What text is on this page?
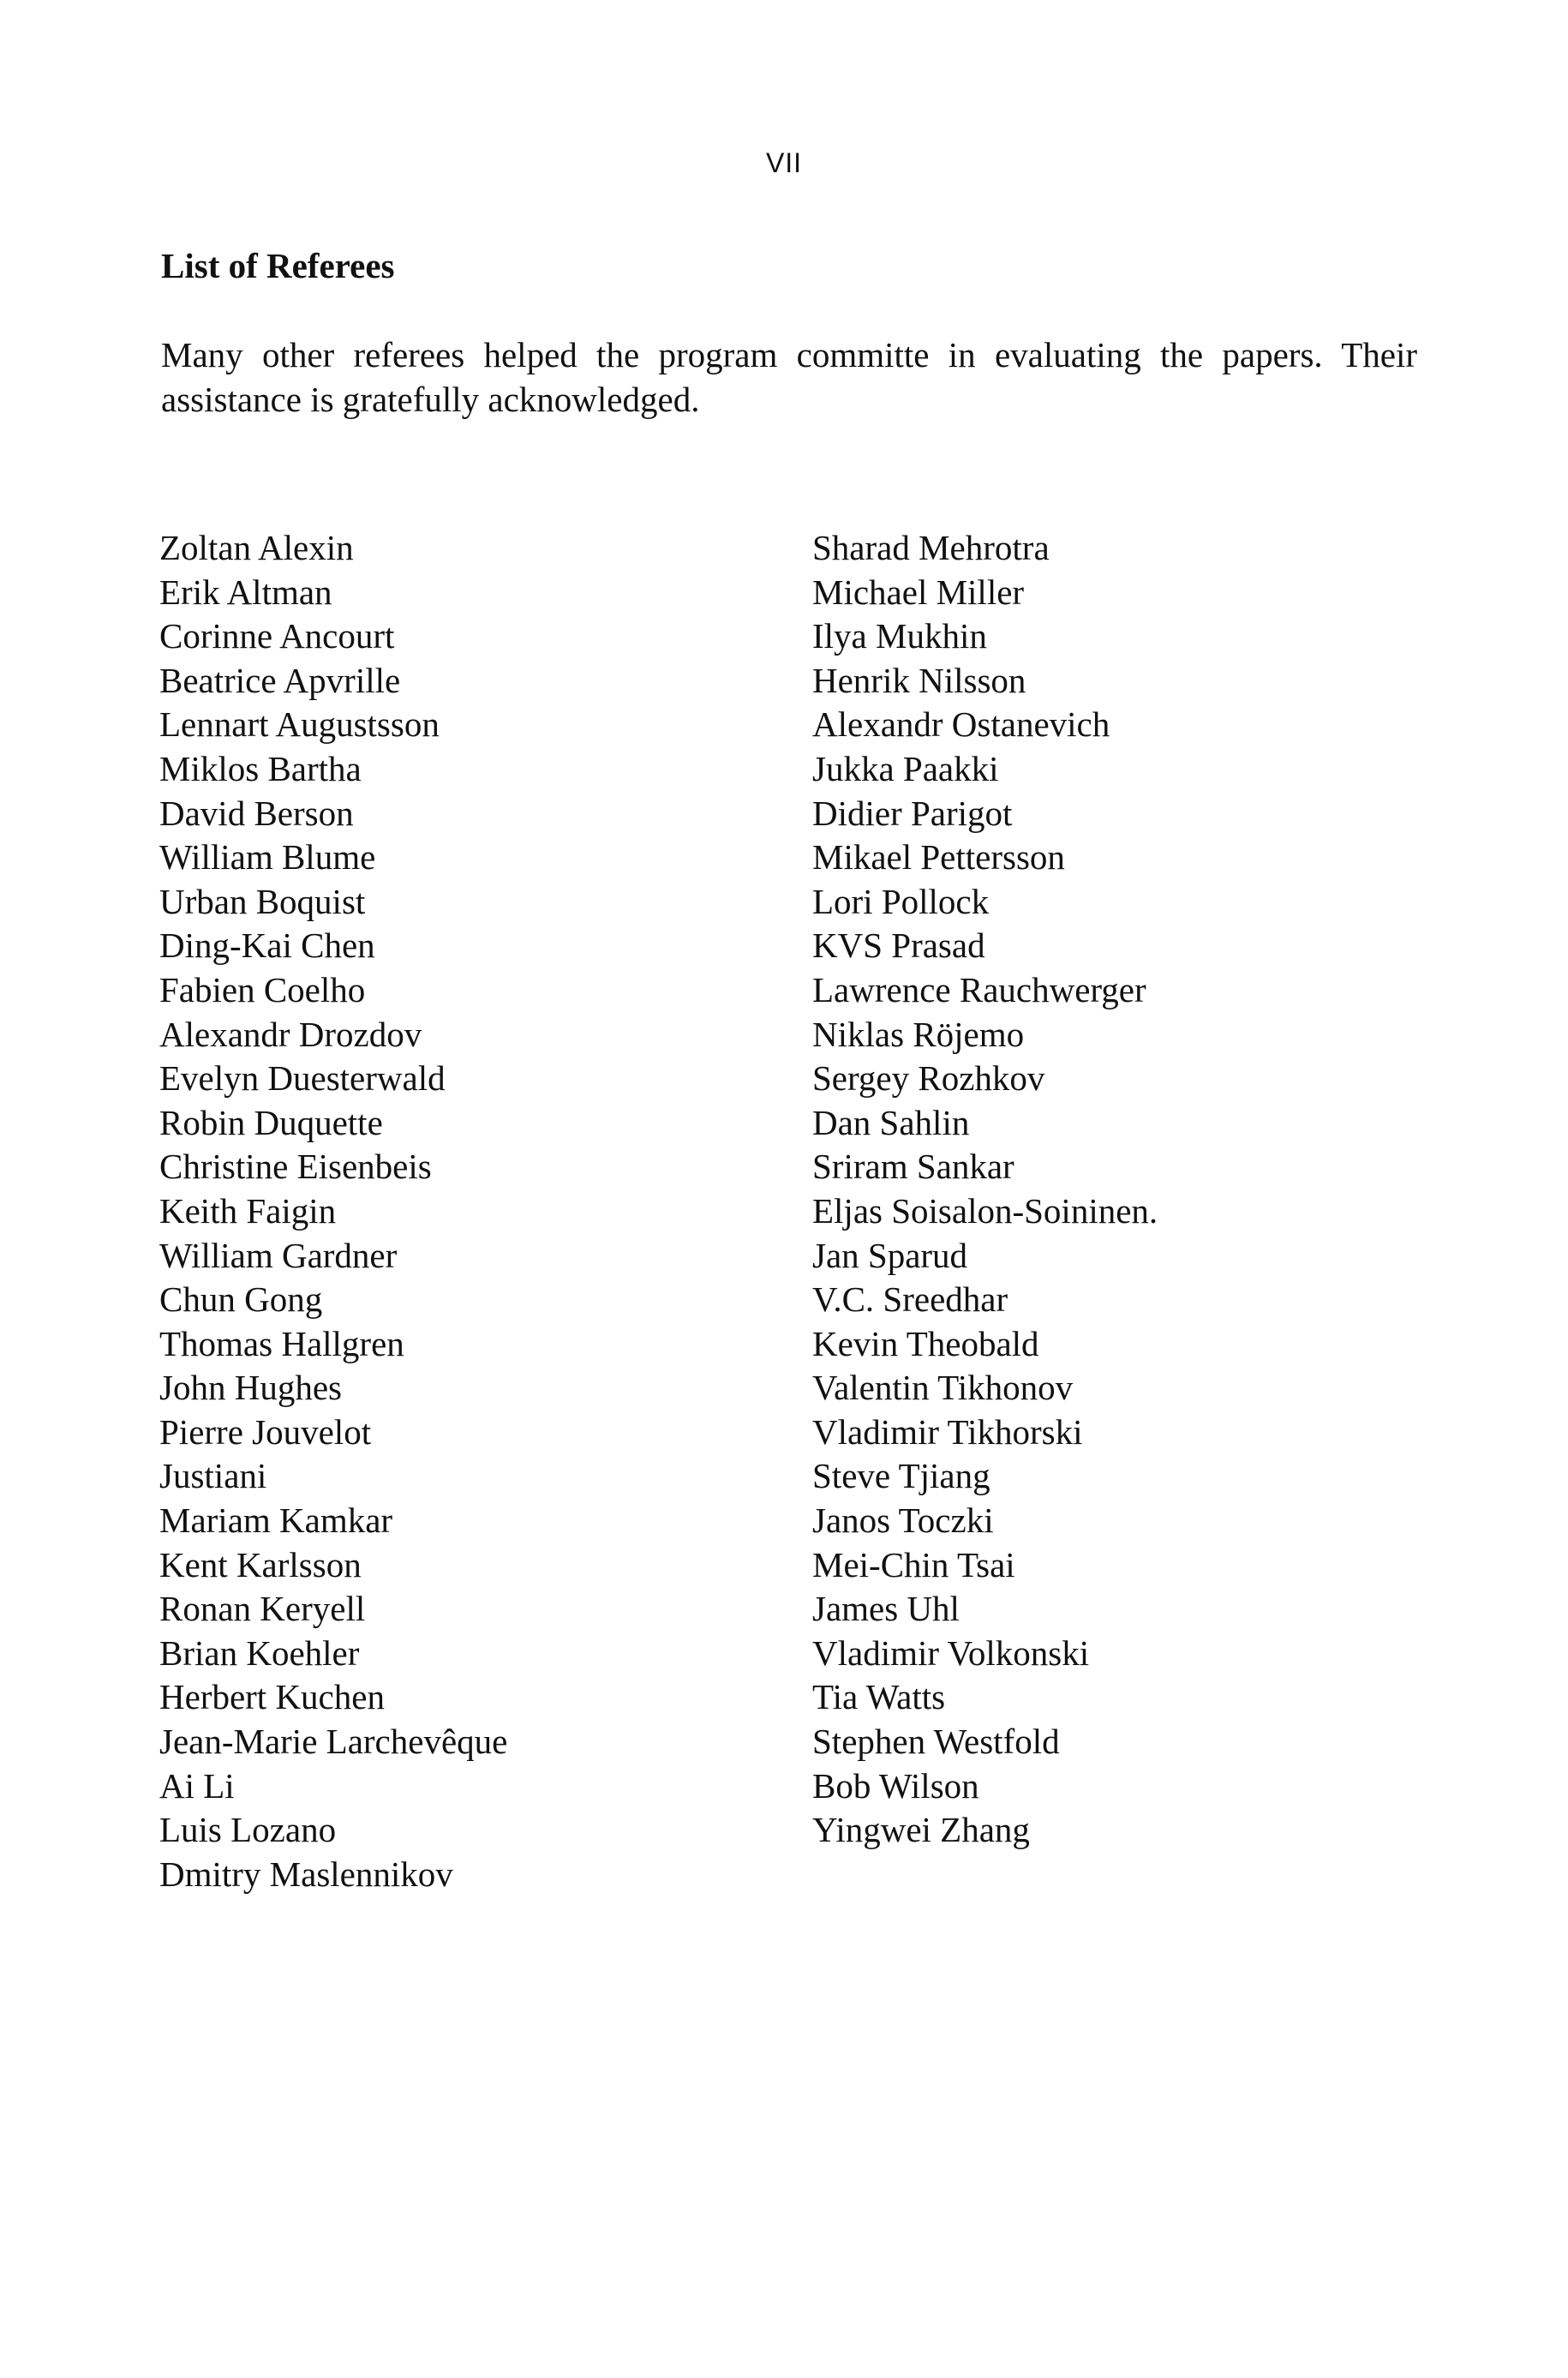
VII
List of Referees

Many other referees helped the program committe in evaluating the papers. Their assistance is gratefully acknowledged.

Zoltan Alexin
Erik Altman
Corinne Ancourt
Beatrice Apvrille
Lennart Augustsson
Miklos Bartha
David Berson
William Blume
Urban Boquist
Ding-Kai Chen
Fabien Coelho
Alexandr Drozdov
Evelyn Duesterwald
Robin Duquette
Christine Eisenbeis
Keith Faigin
William Gardner
Chun Gong
Thomas Hallgren
John Hughes
Pierre Jouvelot
Justiani
Mariam Kamkar
Kent Karlsson
Ronan Keryell
Brian Koehler
Herbert Kuchen
Jean-Marie Larchevêque
Ai Li
Luis Lozano
Dmitry Maslennikov
Sharad Mehrotra
Michael Miller
Ilya Mukhin
Henrik Nilsson
Alexandr Ostanevich
Jukka Paakki
Didier Parigot
Mikael Pettersson
Lori Pollock
KVS Prasad
Lawrence Rauchwerger
Niklas Röjemo
Sergey Rozhkov
Dan Sahlin
Sriram Sankar
Eljas Soisalon-Soininen.
Jan Sparud
V.C. Sreedhar
Kevin Theobald
Valentin Tikhonov
Vladimir Tikhorski
Steve Tjiang
Janos Toczki
Mei-Chin Tsai
James Uhl
Vladimir Volkonski
Tia Watts
Stephen Westfold
Bob Wilson
Yingwei Zhang
